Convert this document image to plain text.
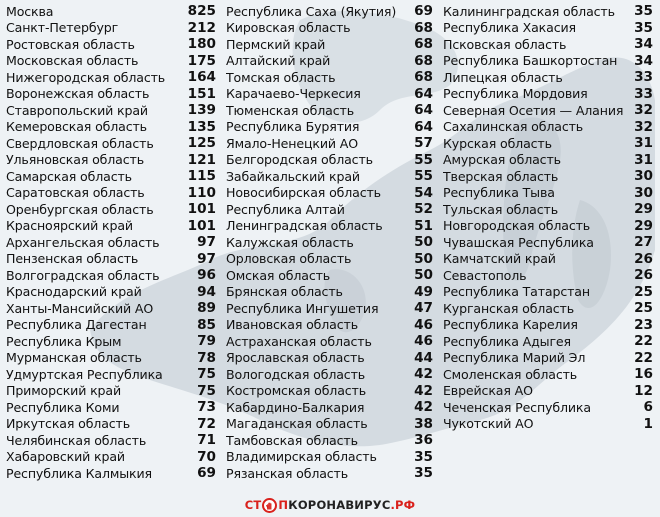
Москва	825
Санкт-Петербург	212
Ростовская область	180
Московская область	175
Нижегородская область 164
Воронежская область	151
Ставропольский край	139
Кемеровская область	135
Свердловская область	125
Ульяновская область	121
Самарская область	115
Саратовская область	110
Оренбургская область	101
Красноярский край	101
Архангельская область	97
Пензенская область	97
Волгоградская область	96
Краснодарский край	94
Ханты-Мансийский АО	89
Республика Дагестан	85
Республика Крым	79
Мурманская область	78
Удмуртская Республика	75
Приморский край	75
Республика Коми	73
Иркутская область	72
Челябинская область	71
Хабаровский край	70
Республика Калмыкия	69
Республика Саха (Якутия)	69
Кировская область	68
Пермский край	68
Алтайский край	68
Томская область	68
Карачаево-Черкесия	64
Тюменская область	64
Республика Бурятия	64
Ямало-Ненецкий АО	57
Белгородская область	55
Забайкальский край	55
Новосибирская область	54
Республика Алтай	52
Ленинградская область	51
Калужская область	50
Орловская область	50
Омская область	50
Брянская область	49
Республика Ингушетия	47
Ивановская область	46
Астраханская область	46
Ярославская область	44
Вологодская область	42
Костромская область	42
Кабардино-Балкария	42
Магаданская область	38
Тамбовская область	36
Владимирская область	35
Рязанская область	35
Калининградская область	35
Республика Хакасия	35
Псковская область	34
Республика Башкортостан	34
Липецкая область	33
Республика Мордовия	33
Северная Осетия — Алания 32
Сахалинская область	32
Курская область	31
Амурская область	31
Тверская область	30
Республика Тыва	30
Тульская область	29
Новгородская область	29
Чувашская Республика	27
Камчатский край	26
Севастополь	26
Республика Татарстан	25
Курганская область	25
Республика Карелия	23
Республика Адыгея	22
Республика Марий Эл	22
Смоленская область	16
Еврейская АО	12
Чеченская Республика	6
Чукотский АО	1
СТ П КОРОНАВИРУС .РФ
